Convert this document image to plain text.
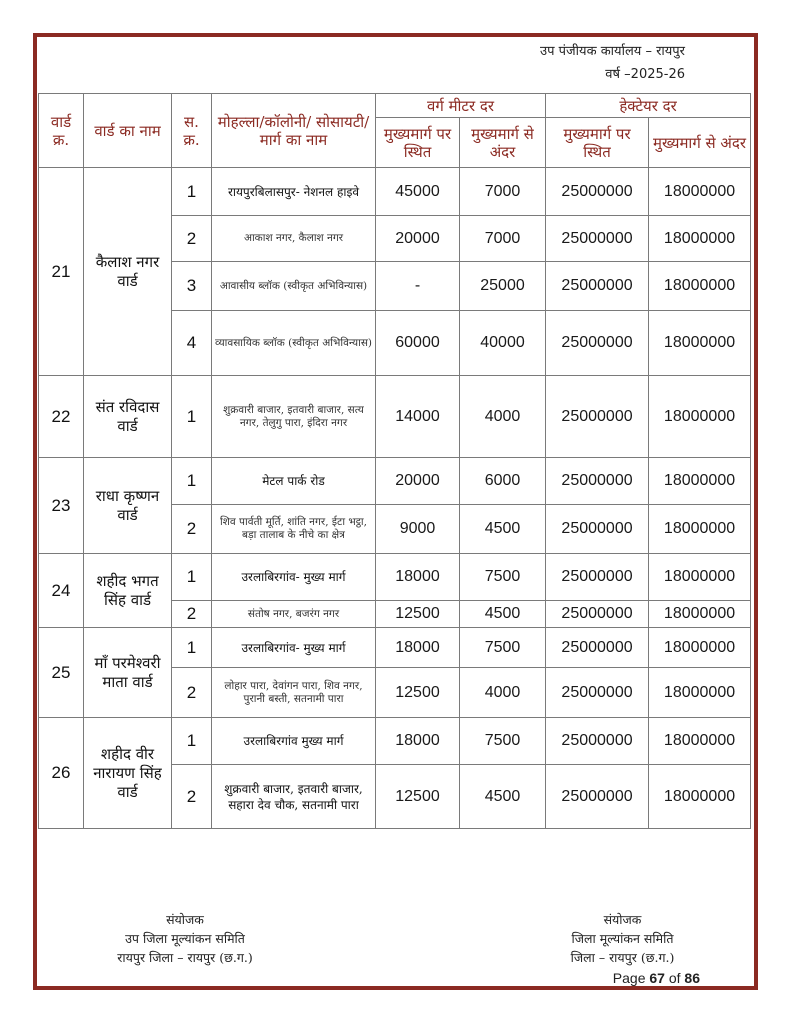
उप पंजीयक कार्यालय – रायपुर
वर्ष –2025-26
वार्ड क्र.	वार्ड का नाम	स. क्र.	मोहल्ला/कॉलोनी/ सोसायटी/मार्ग का नाम	वर्ग मीटर दर		हेक्टेयर दर	
				मुख्यमार्ग पर स्थित	मुख्यमार्ग से अंदर	मुख्यमार्ग पर स्थित	मुख्यमार्ग से अंदर
21	कैलाश नगर वार्ड	1	रायपुरबिलासपुर- नेशनल हाइवे	45000	7000	25000000	18000000
		2	आकाश नगर, कैलाश नगर	20000	7000	25000000	18000000
		3	आवासीय ब्लॉक (स्वीकृत अभिविन्यास)	-	25000	25000000	18000000
		4	व्यावसायिक ब्लॉक (स्वीकृत अभिविन्यास)	60000	40000	25000000	18000000
22	संत रविदास वार्ड	1	शुक्रवारी बाजार, इतवारी बाजार, सत्य नगर, तेलुगु पारा, इंदिरा नगर	14000	4000	25000000	18000000
23	राधा कृष्णन वार्ड	1	मेटल पार्क रोड	20000	6000	25000000	18000000
		2	शिव पार्वती मूर्ति, शांति नगर, ईटा भट्ठा, बड़ा तालाब के नीचे का क्षेत्र	9000	4500	25000000	18000000
24	शहीद भगत सिंह वार्ड	1	उरलाबिरगांव- मुख्य मार्ग	18000	7500	25000000	18000000
		2	संतोष नगर, बजरंग नगर	12500	4500	25000000	18000000
25	माँ परमेश्वरी माता वार्ड	1	उरलाबिरगांव- मुख्य मार्ग	18000	7500	25000000	18000000
		2	लोहार पारा, देवांगन पारा, शिव नगर, पुरानी बस्ती, सतनामी पारा	12500	4000	25000000	18000000
26	शहीद वीर नारायण सिंह वार्ड	1	उरलाबिरगांव मुख्य मार्ग	18000	7500	25000000	18000000
		2	शुक्रवारी बाजार, इतवारी बाजार, सहारा देव चौक, सतनामी पारा	12500	4500	25000000	18000000
संयोजक
उप जिला मूल्यांकन समिति
रायपुर जिला – रायपुर (छ.ग.)
संयोजक
जिला मूल्यांकन समिति
जिला – रायपुर (छ.ग.)
Page 67 of 86
